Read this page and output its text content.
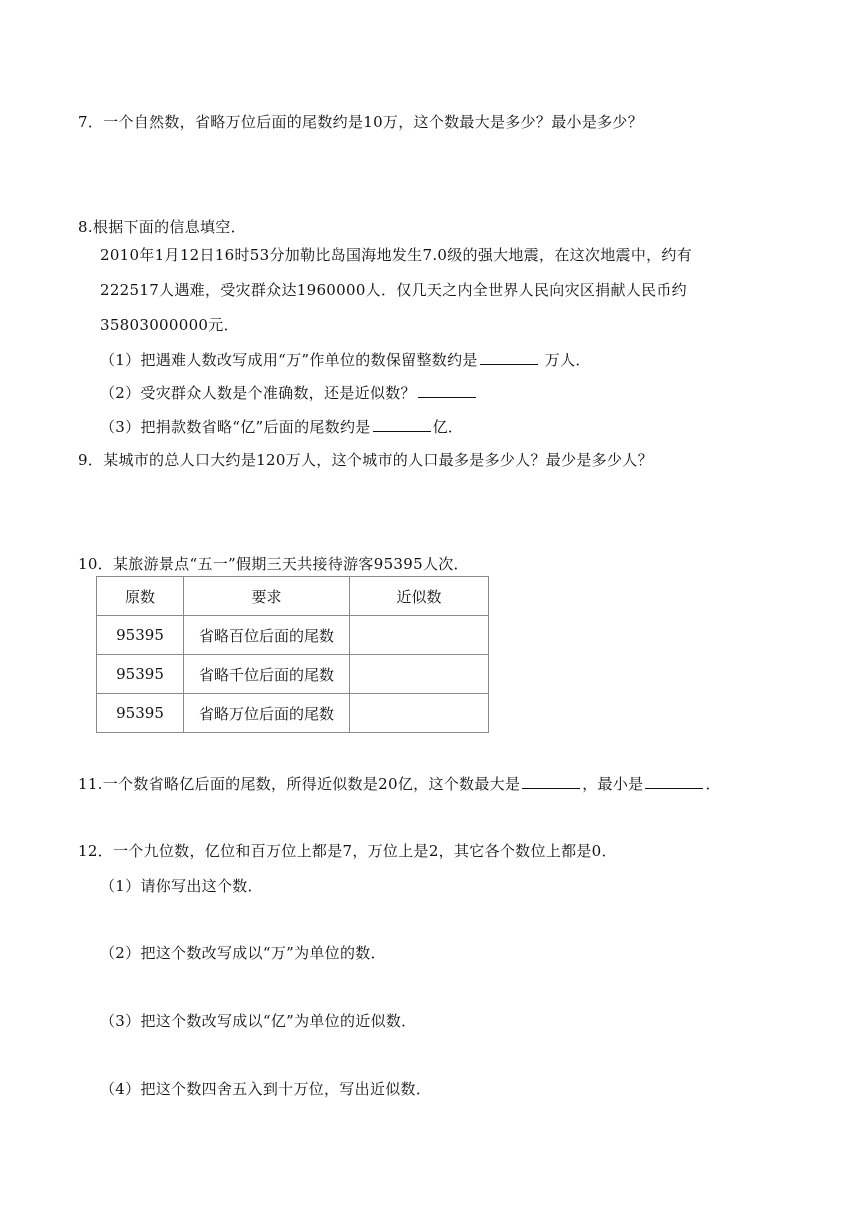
7．一个自然数，省略万位后面的尾数约是10万，这个数最大是多少？最小是多少？
8.根据下面的信息填空．
2010年1月12日16时53分加勒比岛国海地发生7.0级的强大地震，在这次地震中，约有
222517人遇难，受灾群众达1960000人．仅几天之内全世界人民向灾区捐献人民币约
35803000000元．
（1）把遇难人数改写成用“万”作单位的数保留整数约是	万人．
（2）受灾群众人数是个准确数，还是近似数？
（3）把捐款数省略“亿”后面的尾数约是	亿．
9．某城市的总人口大约是120万人，这个城市的人口最多是多少人？最少是多少人？
10．某旅游景点“五一”假期三天共接待游客95395人次．
原数	要求	近似数
95395	省略百位后面的尾数	
95395	省略千位后面的尾数	
95395	省略万位后面的尾数	
11.一个数省略亿后面的尾数，所得近似数是20亿，这个数最大是	，最小是	．
12．一个九位数，亿位和百万位上都是7，万位上是2，其它各个数位上都是0．
（1）请你写出这个数．
（2）把这个数改写成以“万”为单位的数．
（3）把这个数改写成以“亿”为单位的近似数．
（4）把这个数四舍五入到十万位，写出近似数．
